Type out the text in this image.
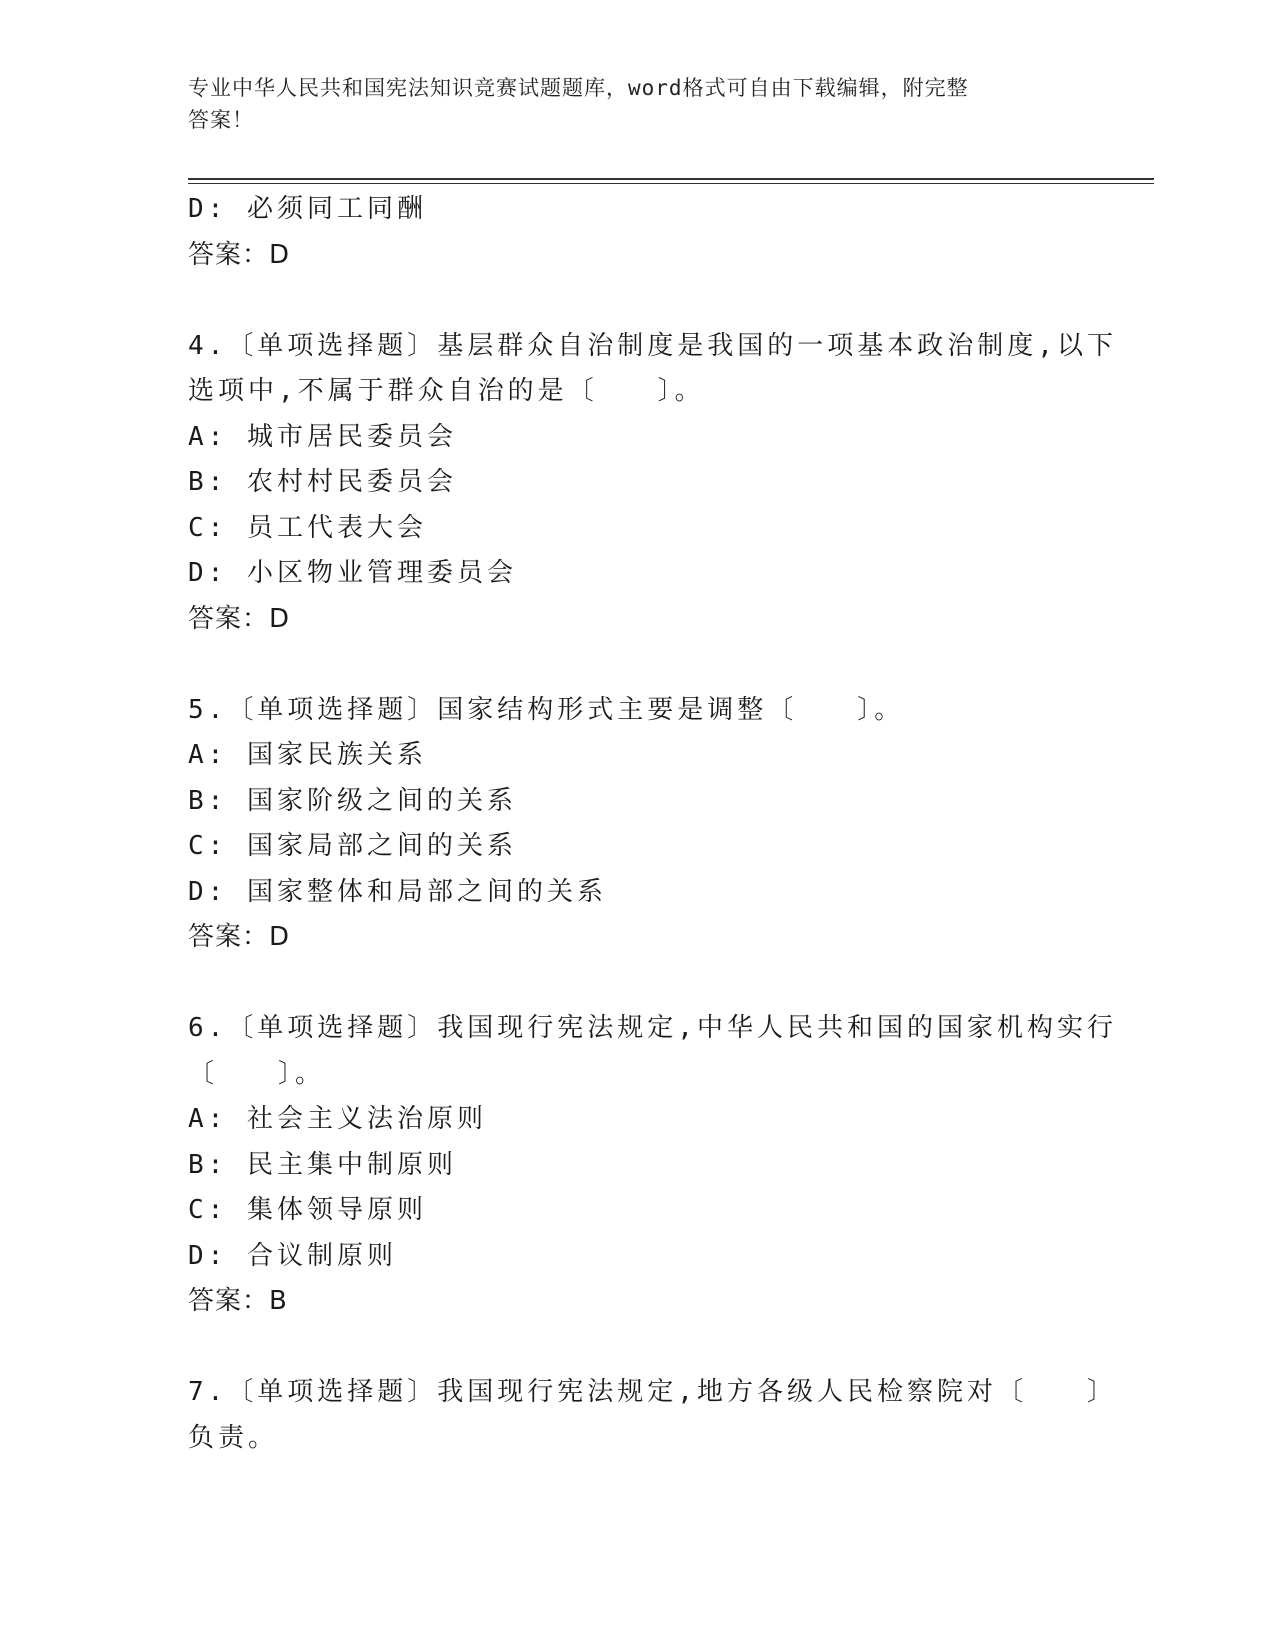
专业中华人民共和国宪法知识竞赛试题题库，word格式可自由下载编辑，附完整
答案！
D: 必须同工同酬
答案：D
4.〔单项选择题〕基层群众自治制度是我国的一项基本政治制度,以下
选项中,不属于群众自治的是〔　　〕。
A: 城市居民委员会
B: 农村村民委员会
C: 员工代表大会
D: 小区物业管理委员会
答案：D
5.〔单项选择题〕国家结构形式主要是调整〔　　〕。
A: 国家民族关系
B: 国家阶级之间的关系
C: 国家局部之间的关系
D: 国家整体和局部之间的关系
答案：D
6.〔单项选择题〕我国现行宪法规定,中华人民共和国的国家机构实行
〔　　〕。
A: 社会主义法治原则
B: 民主集中制原则
C: 集体领导原则
D: 合议制原则
答案：B
7.〔单项选择题〕我国现行宪法规定,地方各级人民检察院对〔　　〕
负责。
